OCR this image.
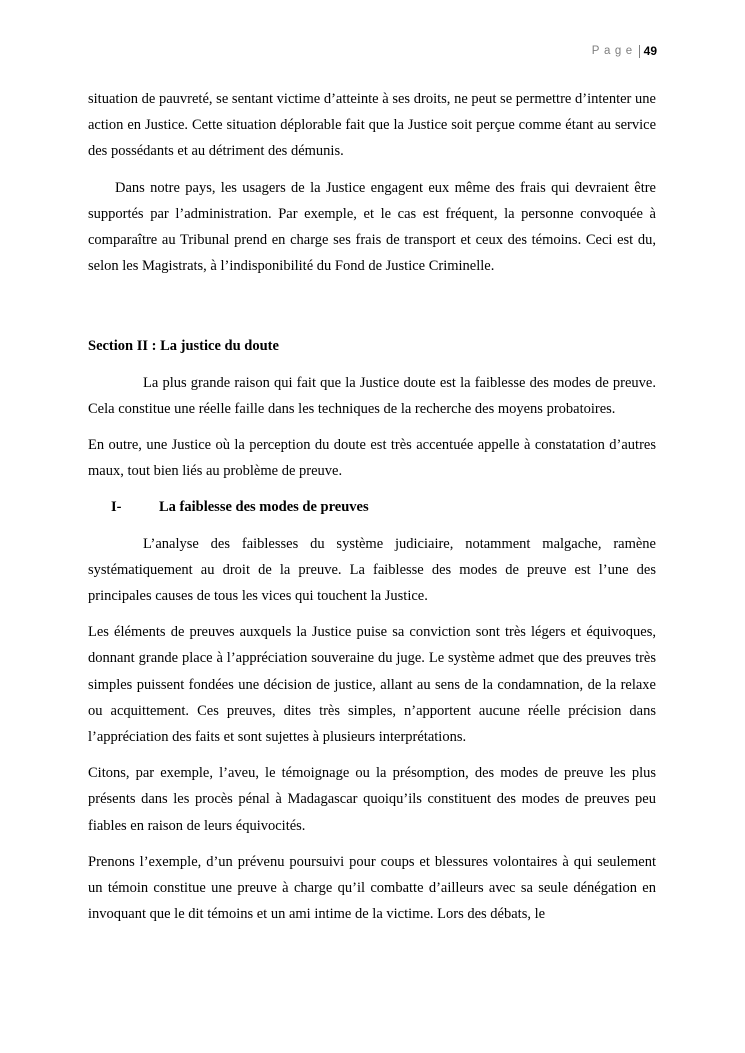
Page 49

situation de pauvreté, se sentant victime d’atteinte à ses droits, ne peut se permettre d’intenter une action en Justice. Cette situation déplorable fait que la Justice soit perçue comme étant au service des possédants et au détriment des démunis.

Dans notre pays, les usagers de la Justice engagent eux même des frais qui devraient être supportés par l’administration. Par exemple, et le cas est fréquent, la personne convoquée à comparaître au Tribunal prend en charge ses frais de transport et ceux des témoins. Ceci est du, selon les Magistrats, à l’indisponibilité du Fond de Justice Criminelle.

Section II : La justice du doute

La plus grande raison qui fait que la Justice doute est la faiblesse des modes de preuve. Cela constitue une réelle faille dans les techniques de la recherche des moyens probatoires.

En outre, une Justice où la perception du doute est très accentuée appelle à constatation d’autres maux, tout bien liés au problème de preuve.

I-	La faiblesse des modes de preuves

L’analyse des faiblesses du système judiciaire, notamment malgache, ramène systématiquement au droit de la preuve. La faiblesse des modes de preuve est l’une des principales causes de tous les vices qui touchent la Justice.

Les éléments de preuves auxquels la Justice puise sa conviction sont très légers et équivoques, donnant grande place à l’appréciation souveraine du juge. Le système admet que des preuves très simples puissent fondées une décision de justice, allant au sens de la condamnation, de la relaxe ou acquittement. Ces preuves, dites très simples, n’apportent aucune réelle précision dans l’appréciation des faits et sont sujettes à plusieurs interprétations.

Citons, par exemple, l’aveu, le témoignage ou la présomption, des modes de preuve les plus présents dans les procès pénal à Madagascar quoiqu’ils constituent des modes de preuves peu fiables en raison de leurs équivocités.

Prenons l’exemple, d’un prévenu poursuivi pour coups et blessures volontaires à qui seulement un témoin constitue une preuve à charge qu’il combatte d’ailleurs avec sa seule dénégation en invoquant que le dit témoins et un ami intime de la victime. Lors des débats, le
